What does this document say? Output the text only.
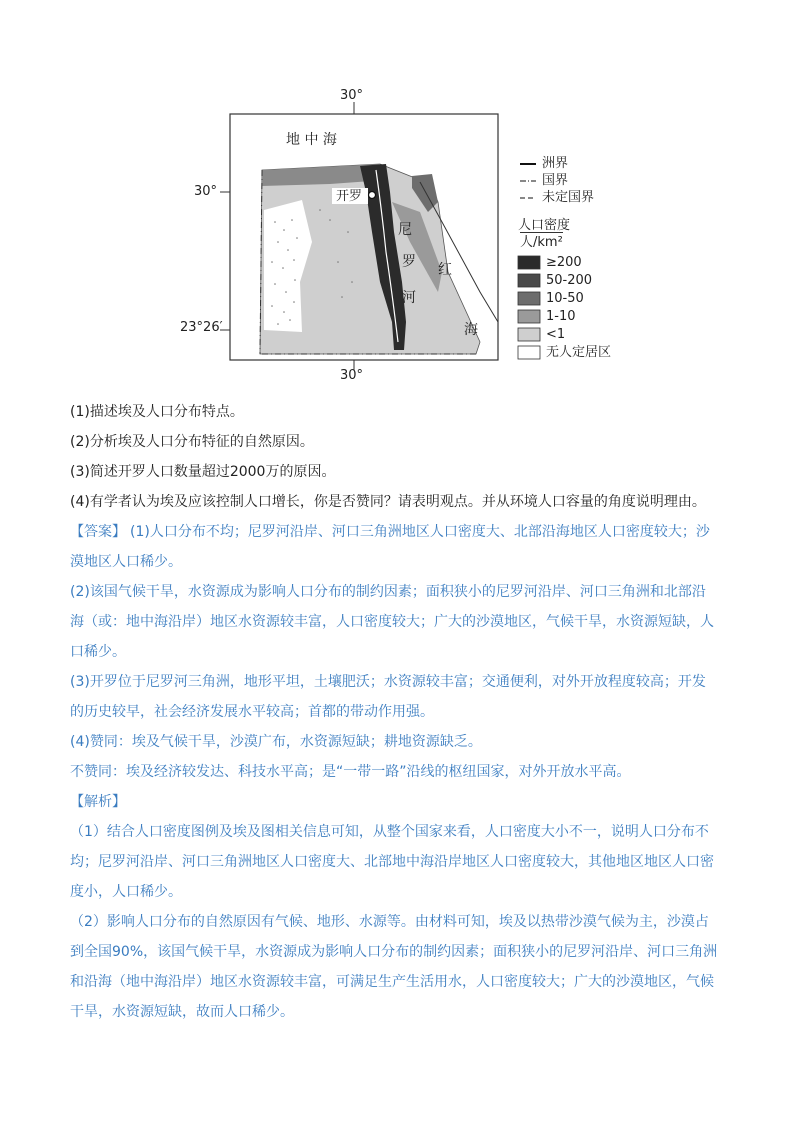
30°
30°
30°
23°26′
地 中 海
开罗
尼
罗
河
红
海
洲界
国界
未定国界
人口密度
人/km²
≥200
50-200
10-50
1-10
<1
无人定居区
(1)描述埃及人口分布特点。
(2)分析埃及人口分布特征的自然原因。
(3)简述开罗人口数量超过2000万的原因。
(4)有学者认为埃及应该控制人口增长，你是否赞同？请表明观点。并从环境人口容量的角度说明理由。
【答案】 (1)人口分布不均；尼罗河沿岸、河口三角洲地区人口密度大、北部沿海地区人口密度较大；沙
漠地区人口稀少。
(2)该国气候干旱，水资源成为影响人口分布的制约因素；面积狭小的尼罗河沿岸、河口三角洲和北部沿
海（或：地中海沿岸）地区水资源较丰富，人口密度较大；广大的沙漠地区，气候干旱，水资源短缺，人
口稀少。
(3)开罗位于尼罗河三角洲，地形平坦，土壤肥沃；水资源较丰富；交通便利，对外开放程度较高；开发
的历史较早，社会经济发展水平较高；首都的带动作用强。
(4)赞同：埃及气候干旱，沙漠广布，水资源短缺；耕地资源缺乏。
不赞同：埃及经济较发达、科技水平高；是“一带一路”沿线的枢纽国家，对外开放水平高。
【解析】
（1）结合人口密度图例及埃及图相关信息可知，从整个国家来看，人口密度大小不一，说明人口分布不
均；尼罗河沿岸、河口三角洲地区人口密度大、北部地中海沿岸地区人口密度较大，其他地区地区人口密
度小，人口稀少。
（2）影响人口分布的自然原因有气候、地形、水源等。由材料可知，埃及以热带沙漠气候为主，沙漠占
到全国90%，该国气候干旱，水资源成为影响人口分布的制约因素；面积狭小的尼罗河沿岸、河口三角洲
和沿海（地中海沿岸）地区水资源较丰富，可满足生产生活用水，人口密度较大；广大的沙漠地区，气候
干旱，水资源短缺，故而人口稀少。
